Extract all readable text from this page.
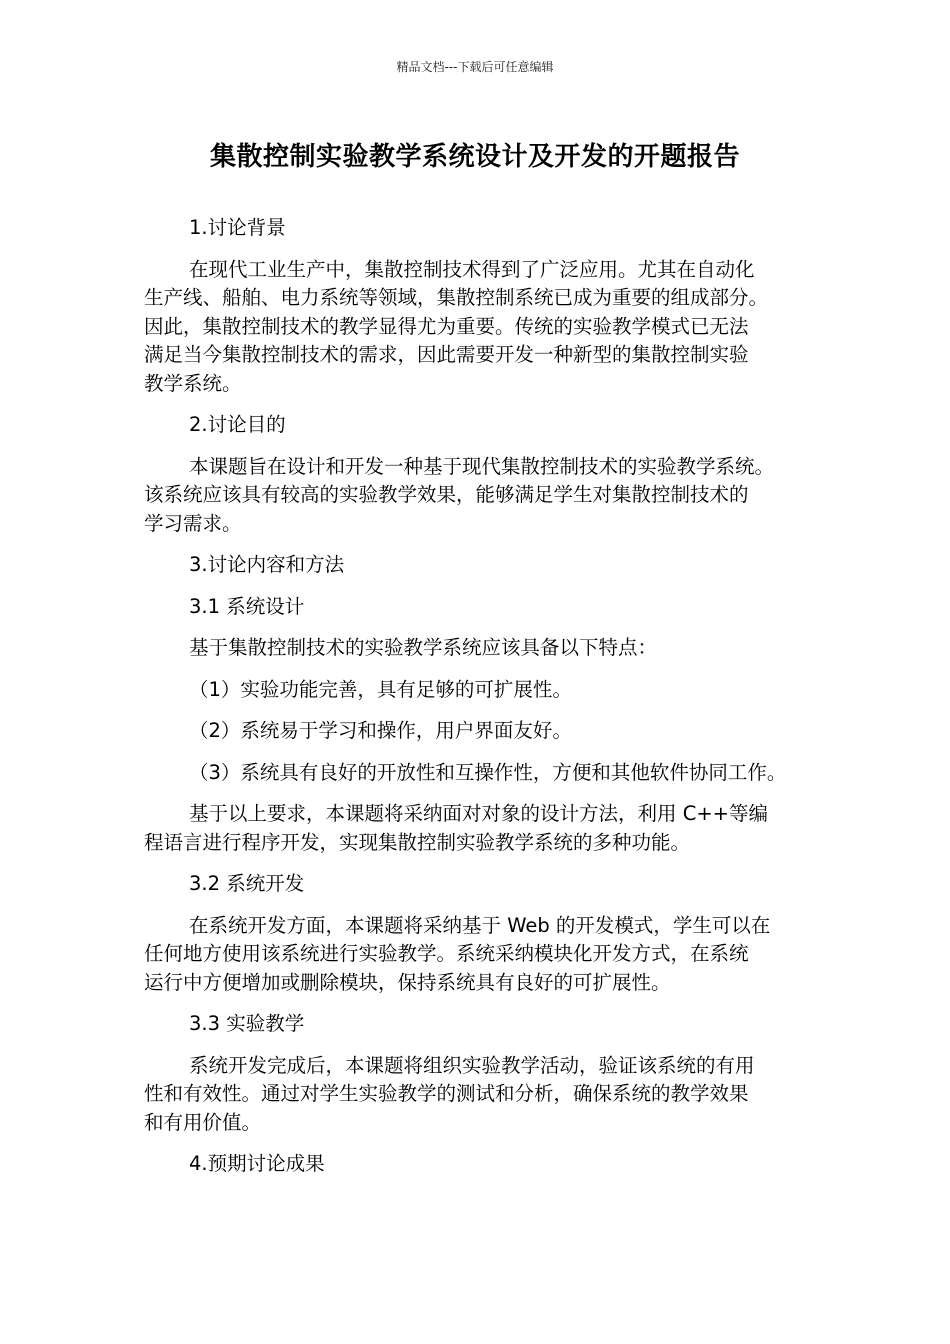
精品文档---下载后可任意编辑
集散控制实验教学系统设计及开发的开题报告

1.讨论背景

在现代工业生产中，集散控制技术得到了广泛应用。尤其在自动化
生产线、船舶、电力系统等领域，集散控制系统已成为重要的组成部分。
因此，集散控制技术的教学显得尤为重要。传统的实验教学模式已无法
满足当今集散控制技术的需求，因此需要开发一种新型的集散控制实验
教学系统。

2.讨论目的

本课题旨在设计和开发一种基于现代集散控制技术的实验教学系统。
该系统应该具有较高的实验教学效果，能够满足学生对集散控制技术的
学习需求。

3.讨论内容和方法

3.1 系统设计

基于集散控制技术的实验教学系统应该具备以下特点：

（1）实验功能完善，具有足够的可扩展性。

（2）系统易于学习和操作，用户界面友好。

（3）系统具有良好的开放性和互操作性，方便和其他软件协同工作。

基于以上要求，本课题将采纳面对对象的设计方法，利用 C++等编
程语言进行程序开发，实现集散控制实验教学系统的多种功能。

3.2 系统开发

在系统开发方面，本课题将采纳基于 Web 的开发模式，学生可以在
任何地方使用该系统进行实验教学。系统采纳模块化开发方式，在系统
运行中方便增加或删除模块，保持系统具有良好的可扩展性。

3.3 实验教学

系统开发完成后，本课题将组织实验教学活动，验证该系统的有用
性和有效性。通过对学生实验教学的测试和分析，确保系统的教学效果
和有用价值。

4.预期讨论成果
